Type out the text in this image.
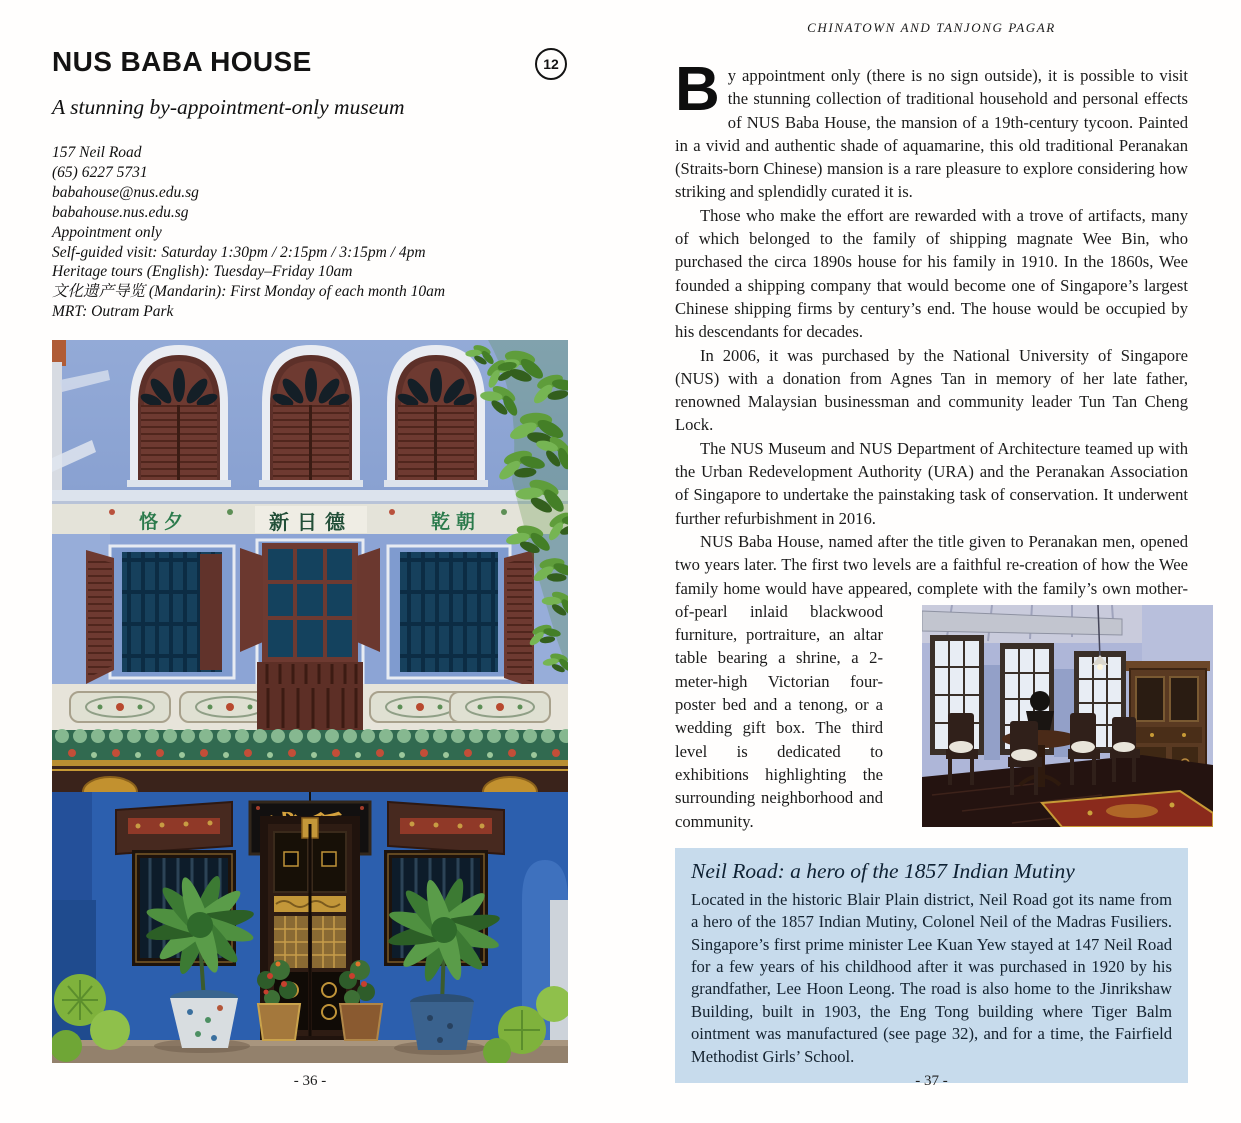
NUS BABA HOUSE	12
A stunning by-appointment-only museum
157 Neil Road
(65) 6227 5731
babahouse@nus.edu.sg
babahouse.nus.edu.sg
Appointment only
Self-guided visit: Saturday 1:30pm / 2:15pm / 3:15pm / 4pm
Heritage tours (English): Tuesday–Friday 10am
文化遗产导览 (Mandarin): First Monday of each month 10am
MRT: Outram Park
恪夕	新日德	乾朝
CHINATOWN AND TANJONG PAGAR

By appointment only (there is no sign outside), it is possible to visit the stunning collection of traditional household and personal effects of NUS Baba House, the mansion of a 19th-century tycoon. Painted in a vivid and authentic shade of aquamarine, this old traditional Peranakan (Straits-born Chinese) mansion is a rare pleasure to explore considering how striking and splendidly curated it is.

Those who make the effort are rewarded with a trove of artifacts, many of which belonged to the family of shipping magnate Wee Bin, who purchased the circa 1890s house for his family in 1910. In the 1860s, Wee founded a shipping company that would become one of Singapore’s largest Chinese shipping firms by century’s end. The house would be occupied by his descendants for decades.

In 2006, it was purchased by the National University of Singapore (NUS) with a donation from Agnes Tan in memory of her late father, renowned Malaysian businessman and community leader Tun Tan Cheng Lock.

The NUS Museum and NUS Department of Architecture teamed up with the Urban Redevelopment Authority (URA) and the Peranakan Association of Singapore to undertake the painstaking task of conservation. It underwent further refurbishment in 2016.

NUS Baba House, named after the title given to Peranakan men, opened two years later. The first two levels are a faithful re-creation of how the Wee family home would have appeared, complete with the family’s
own mother-of-pearl inlaid blackwood furniture, portraiture, an altar table bearing a shrine, a 2-meter-high Victorian four-poster bed and a tenong, or a wedding gift box. The third level is dedicated to exhibitions highlighting the surrounding neighborhood and community.

Neil Road: a hero of the 1857 Indian Mutiny

Located in the historic Blair Plain district, Neil Road got its name from a hero of the 1857 Indian Mutiny, Colonel Neil of the Madras Fusiliers. Singapore’s first prime minister Lee Kuan Yew stayed at 147 Neil Road for a few years of his childhood after it was purchased in 1920 by his grandfather, Lee Hoon Leong. The road is also home to the Jinrikshaw Building, built in 1903, the Eng Tong building where Tiger Balm ointment was manufactured (see page 32), and for a time, the Fairfield Methodist Girls’ School.

- 36 -	- 37 -
